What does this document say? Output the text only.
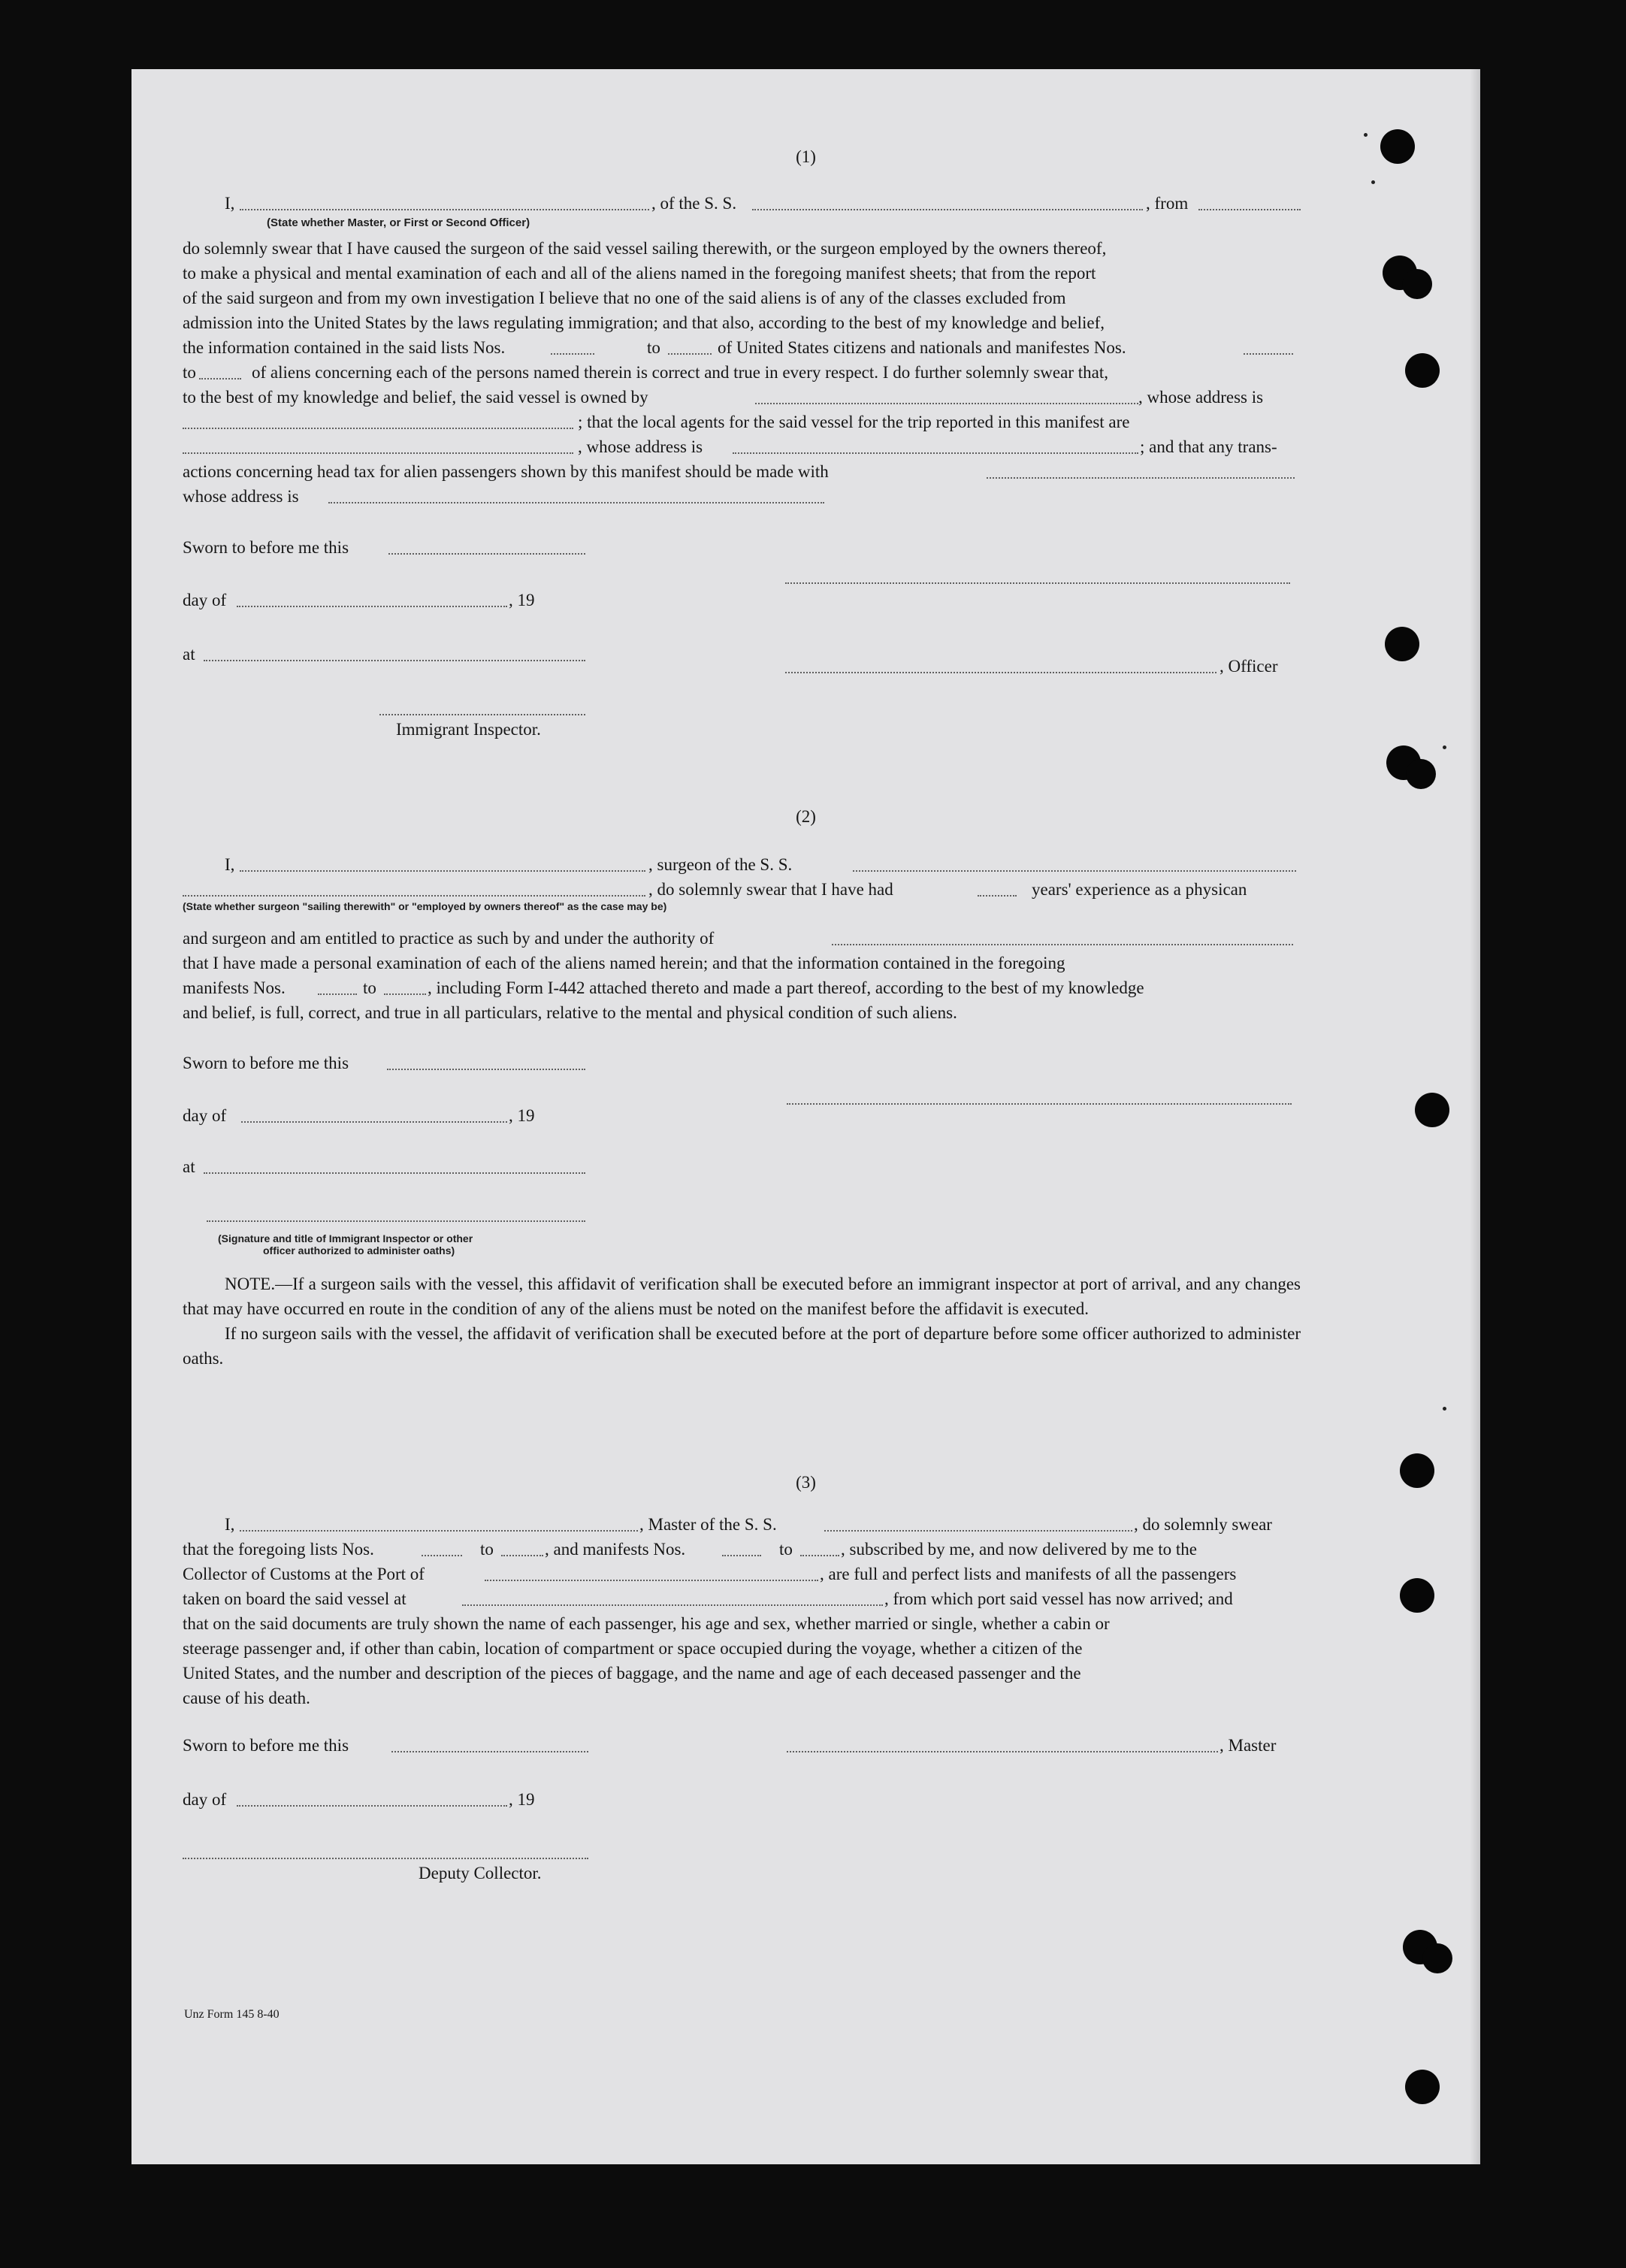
(1)
I,	, of the S. S.	, from
(State whether Master, or First or Second Officer)

do solemnly swear that I have caused the surgeon of the said vessel sailing therewith, or the surgeon employed by the owners thereof,

to make a physical and mental examination of each and all of the aliens named in the foregoing manifest sheets; that from the report

of the said surgeon and from my own investigation I believe that no one of the said aliens is of any of the classes excluded from

admission into the United States by the laws regulating immigration; and that also, according to the best of my knowledge and belief,

the information contained in the said lists Nos.	to	of United States citizens and nationals and manifestes Nos.
to	of aliens concerning each of the persons named therein is correct and true in every respect. I do further solemnly swear that,
to the best of my knowledge and belief, the said vessel is owned by	, whose address is
; that the local agents for the said vessel for the trip reported in this manifest are
, whose address is	; and that any trans-
actions concerning head tax for alien passengers shown by this manifest should be made with
whose address is
Sworn to before me this
day of	, 19
at
, Officer
Immigrant Inspector.
(2)
I,	, surgeon of the S. S.
, do solemnly swear that I have had	years' experience as a physican
(State whether surgeon "sailing therewith" or "employed by owners thereof" as the case may be)
and surgeon and am entitled to practice as such by and under the authority of

that I have made a personal examination of each of the aliens named herein; and that the information contained in the foregoing

manifests Nos.	to	, including Form I-442 attached thereto and made a part thereof, according to the best of my knowledge
and belief, is full, correct, and true in all particulars, relative to the mental and physical condition of such aliens.
Sworn to before me this
day of	, 19
at
(Signature and title of Immigrant Inspector or other
officer authorized to administer oaths)

NOTE.—If a surgeon sails with the vessel, this affidavit of verification shall be executed before an immigrant inspector at port of arrival, and any changes that may have occurred en route in the condition of any of the aliens must be noted on the manifest before the affidavit is executed.

If no surgeon sails with the vessel, the affidavit of verification shall be executed before at the port of departure before some officer authorized to administer oaths.

(3)
I,	, Master of the S. S.	, do solemnly swear
that the foregoing lists Nos.	to	, and manifests Nos.	to	, subscribed by me, and now delivered by me to the
Collector of Customs at the Port of	, are full and perfect lists and manifests of all the passengers
taken on board the said vessel at	, from which port said vessel has now arrived; and

that on the said documents are truly shown the name of each passenger, his age and sex, whether married or single, whether a cabin or

steerage passenger and, if other than cabin, location of compartment or space occupied during the voyage, whether a citizen of the

United States, and the number and description of the pieces of baggage, and the name and age of each deceased passenger and the

cause of his death.

Sworn to before me this	, Master
day of	, 19
Deputy Collector.
Unz Form 145 8-40
